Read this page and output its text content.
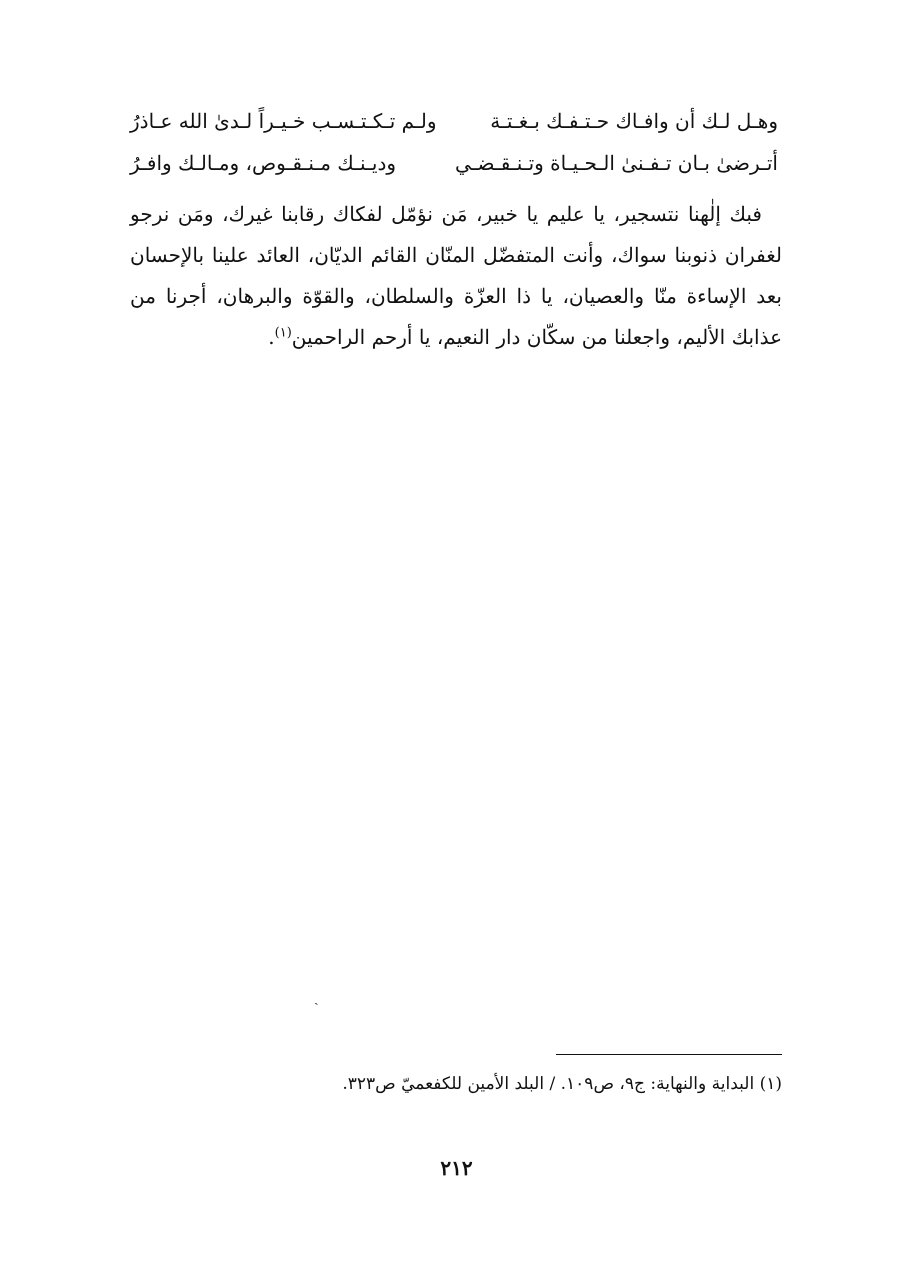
وهـل لـك أن وافـاك حـتـفـك بـغـتـة
ولـم تـكـتـسـب خـيـراً لـدىٰ الله عـاذرُ
أتـرضىٰ بـان تـفـنىٰ الـحـيـاة وتـنـقـضـي
وديـنـك مـنـقـوص، ومـالـك وافـرُ

فبك إلٰهنا نتسجير، يا عليم يا خبير، مَن نؤمّل لفكاك رقابنا غيرك، ومَن نرجو لغفران ذنوبنا سواك، وأنت المتفضّل المنّان القائم الديّان، العائد علينا بالإحسان بعد الإساءة منّا والعصيان، يا ذا العزّة والسلطان، والقوّة والبرهان، أجرنا من عذابك الأليم، واجعلنا من سكّان دار النعيم، يا أرحم الراحمين$^{(١)}$.

ˎ
(١) البداية والنهاية: ج٩، ص١٠٩. / البلد الأمين للكفعميّ ص٣٢٣.
٢١٢
